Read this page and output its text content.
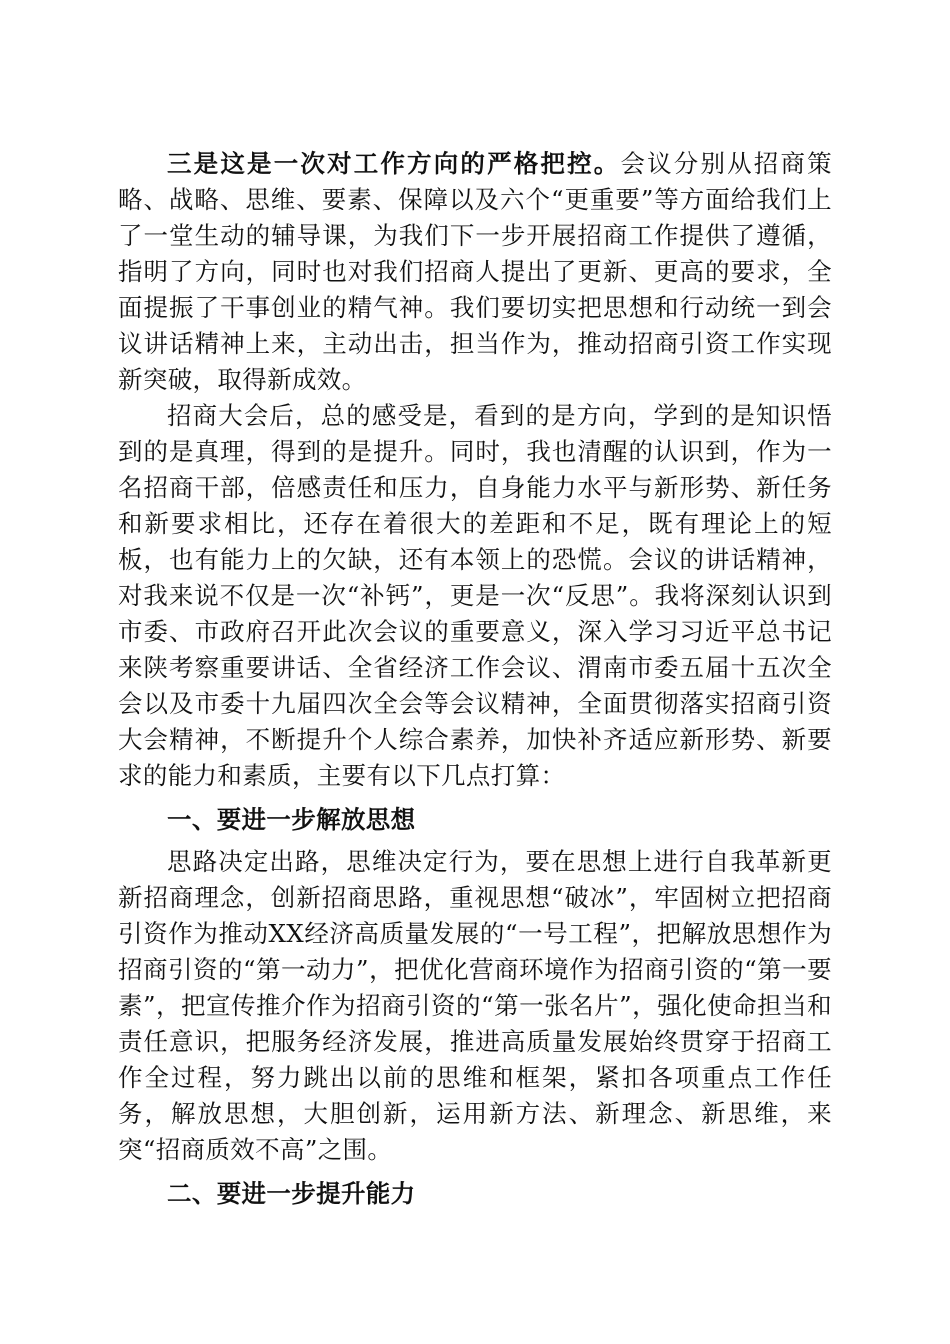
三是这是一次对工作方向的严格把控。会议分别从招商策略、战略、思维、要素、保障以及六个“更重要”等方面给我们上了一堂生动的辅导课，为我们下一步开展招商工作提供了遵循，指明了方向，同时也对我们招商人提出了更新、更高的要求，全面提振了干事创业的精气神。我们要切实把思想和行动统一到会议讲话精神上来，主动出击，担当作为，推动招商引资工作实现新突破，取得新成效。

招商大会后，总的感受是，看到的是方向，学到的是知识悟到的是真理，得到的是提升。同时，我也清醒的认识到，作为一名招商干部，倍感责任和压力，自身能力水平与新形势、新任务和新要求相比，还存在着很大的差距和不足，既有理论上的短板，也有能力上的欠缺，还有本领上的恐慌。会议的讲话精神，对我来说不仅是一次“补钙”，更是一次“反思”。我将深刻认识到市委、市政府召开此次会议的重要意义，深入学习习近平总书记来陕考察重要讲话、全省经济工作会议、渭南市委五届十五次全会以及市委十九届四次全会等会议精神，全面贯彻落实招商引资大会精神，不断提升个人综合素养，加快补齐适应新形势、新要求的能力和素质，主要有以下几点打算：

一、要进一步解放思想

思路决定出路，思维决定行为，要在思想上进行自我革新更新招商理念，创新招商思路，重视思想“破冰”，牢固树立把招商引资作为推动XX经济高质量发展的“一号工程”，把解放思想作为招商引资的“第一动力”，把优化营商环境作为招商引资的“第一要素”，把宣传推介作为招商引资的“第一张名片”，强化使命担当和责任意识，把服务经济发展，推进高质量发展始终贯穿于招商工作全过程，努力跳出以前的思维和框架，紧扣各项重点工作任务，解放思想，大胆创新，运用新方法、新理念、新思维，来突“招商质效不高”之围。

二、要进一步提升能力
